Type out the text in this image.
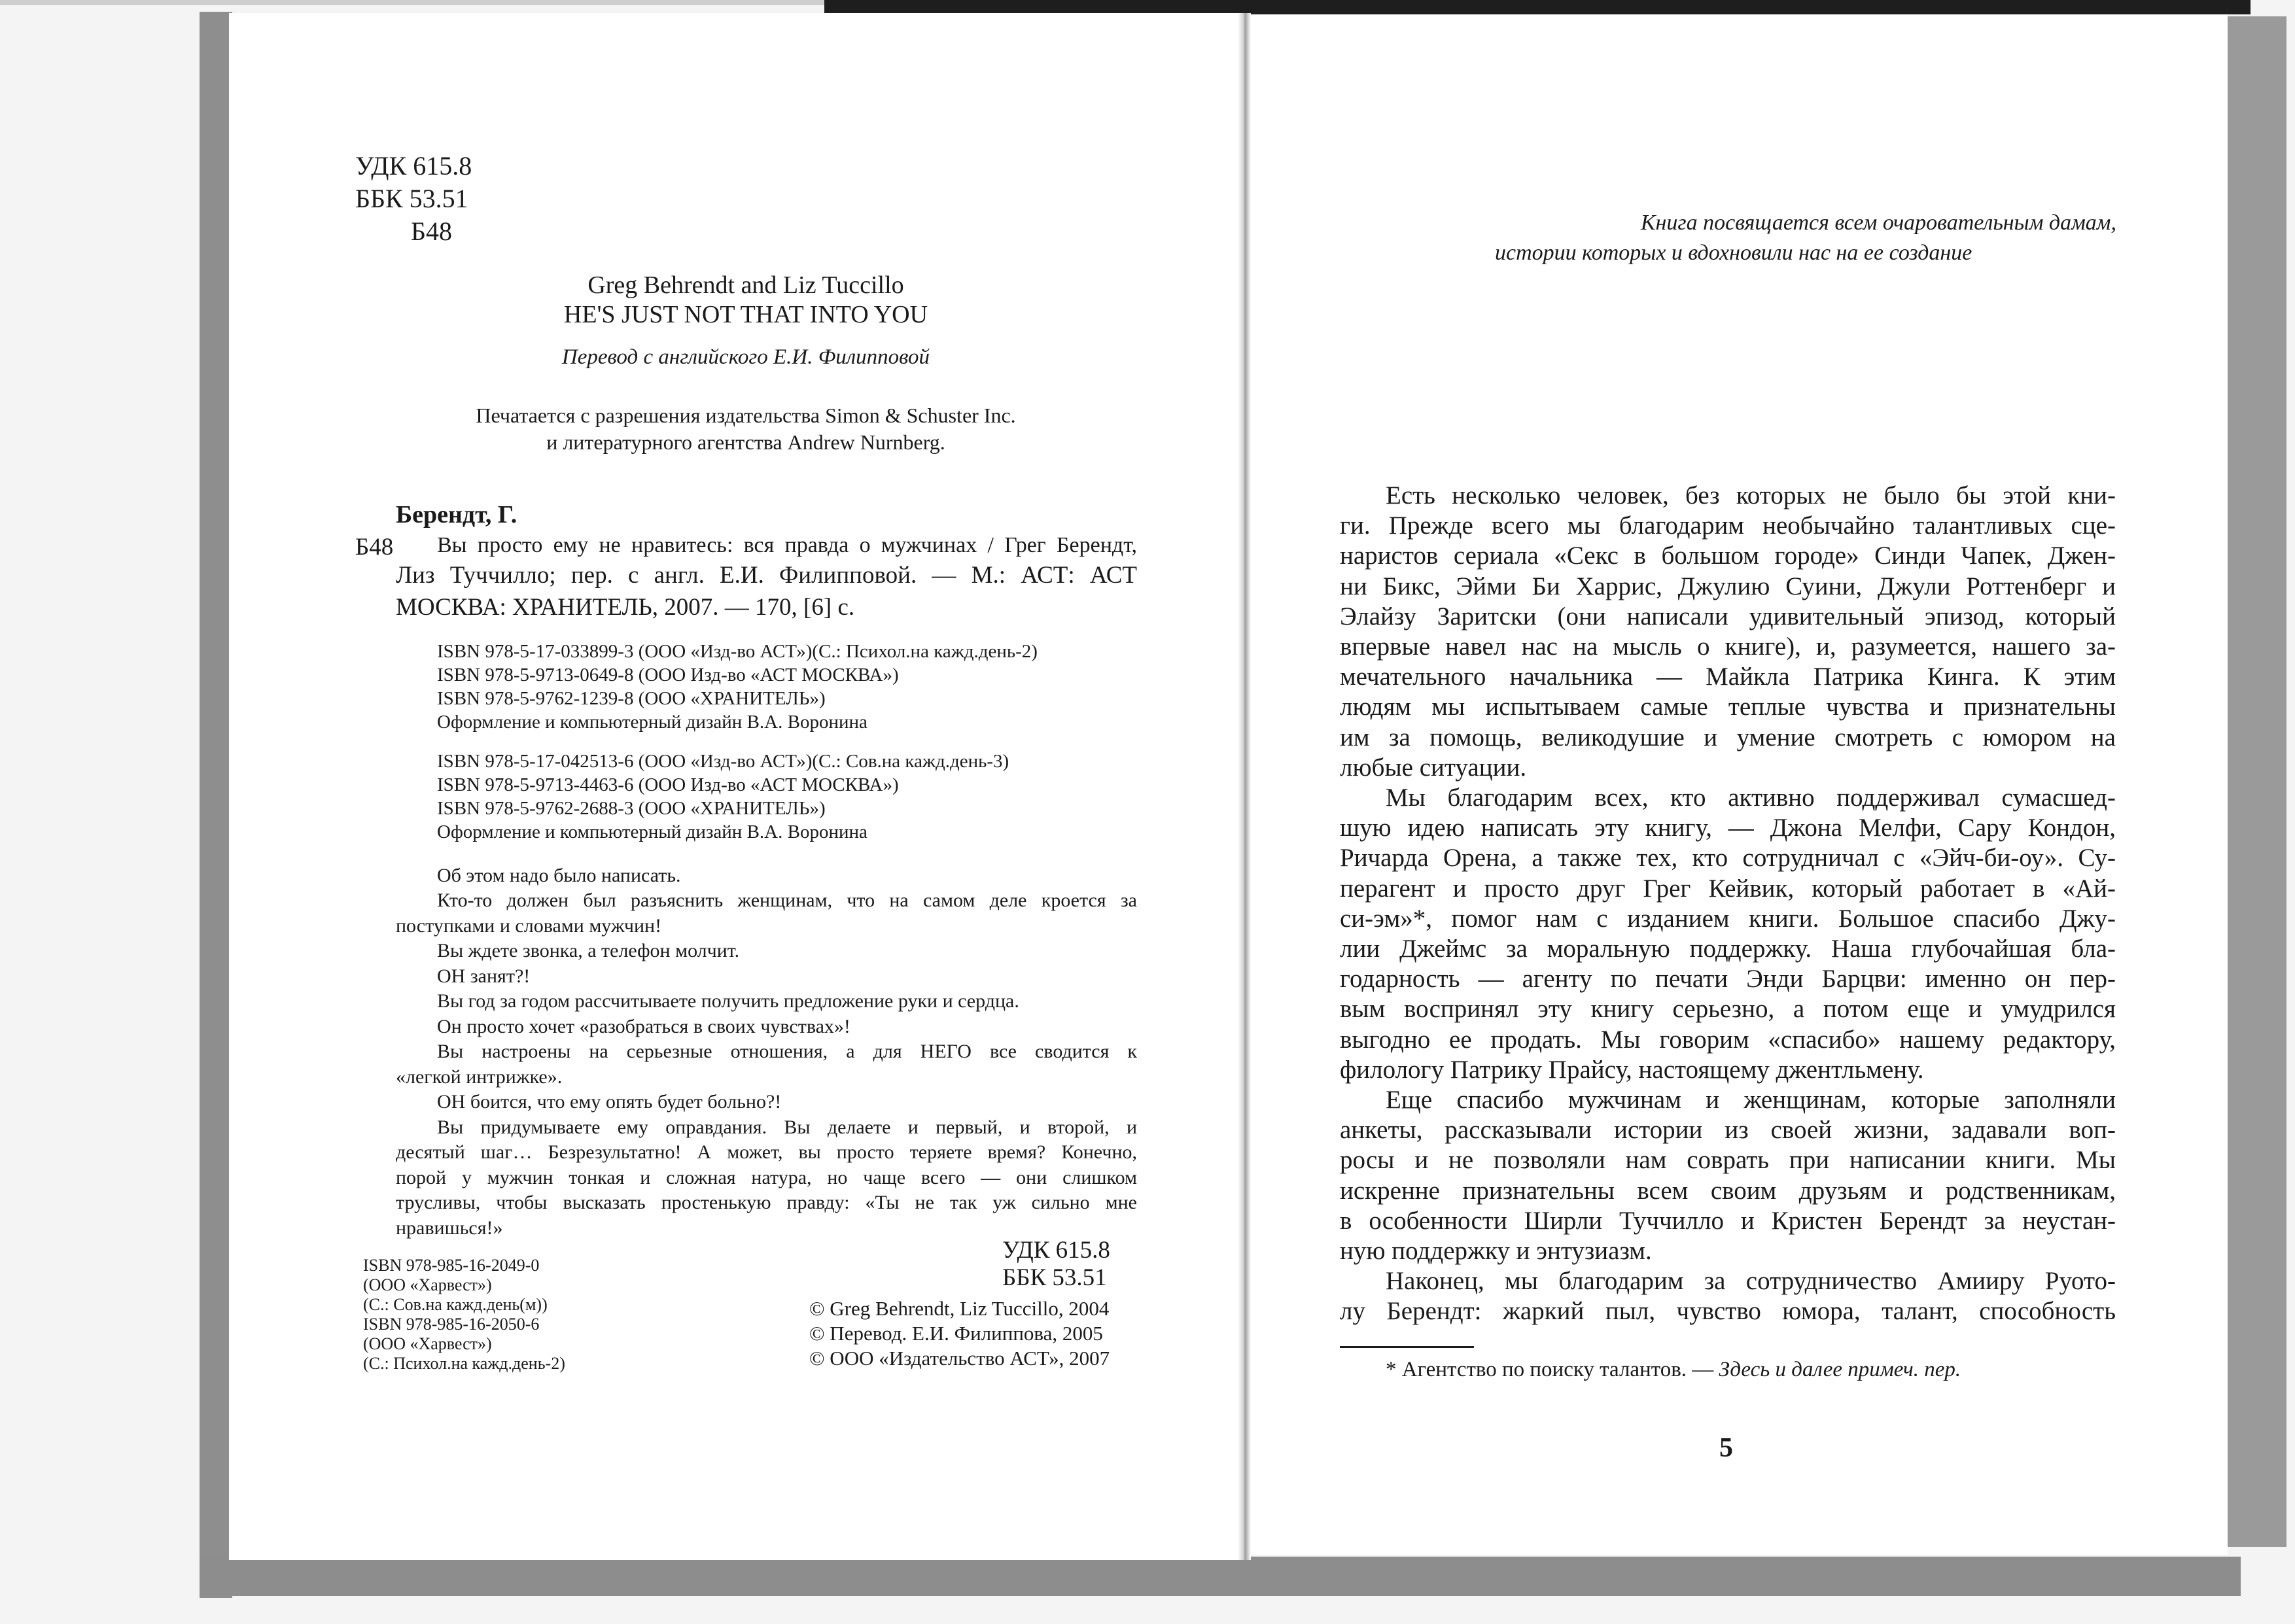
УДК 615.8

ББК 53.51

Б48

Greg Behrendt and Liz Tuccillo

HE'S JUST NOT THAT INTO YOU

Перевод с английского Е.И. Филипповой

Печатается с разрешения издательства Simon & Schuster Inc.

и литературного агентства Andrew Nurnberg.

Берендт, Г.

Б48 Вы просто ему не нравитесь: вся правда о мужчинах / Грег Берендт,

Лиз Туччилло; пер. с англ. Е.И. Филипповой. — М.: АСТ: АСТ

МОСКВА: ХРАНИТЕЛЬ, 2007. — 170, [6] с.

ISBN 978-5-17-033899-3 (ООО «Изд-во АСТ»)(С.: Психол.на кажд.день-2)

ISBN 978-5-9713-0649-8 (ООО Изд-во «АСТ МОСКВА»)

ISBN 978-5-9762-1239-8 (ООО «ХРАНИТЕЛЬ»)

Оформление и компьютерный дизайн В.А. Воронина

ISBN 978-5-17-042513-6 (ООО «Изд-во АСТ»)(С.: Сов.на кажд.день-3)

ISBN 978-5-9713-4463-6 (ООО Изд-во «АСТ МОСКВА»)

ISBN 978-5-9762-2688-3 (ООО «ХРАНИТЕЛЬ»)

Оформление и компьютерный дизайн В.А. Воронина

Об этом надо было написать.

Кто-то должен был разъяснить женщинам, что на самом деле кроется за

поступками и словами мужчин!

Вы ждете звонка, а телефон молчит.

ОН занят?!

Вы год за годом рассчитываете получить предложение руки и сердца.

Он просто хочет «разобраться в своих чувствах»!

Вы настроены на серьезные отношения, а для НЕГО все сводится к

«легкой интрижке».

ОН боится, что ему опять будет больно?!

Вы придумываете ему оправдания. Вы делаете и первый, и второй, и

десятый шаг… Безрезультатно! А может, вы просто теряете время? Конечно,

порой у мужчин тонкая и сложная натура, но чаще всего — они слишком

трусливы, чтобы высказать простенькую правду: «Ты не так уж сильно мне

нравишься!»

ISBN 978-985-16-2049-0

(ООО «Харвест»)

(С.: Сов.на кажд.день(м))

ISBN 978-985-16-2050-6

(ООО «Харвест»)

(С.: Психол.на кажд.день-2)

УДК 615.8

ББК 53.51

© Greg Behrendt, Liz Tuccillo, 2004

© Перевод. Е.И. Филиппова, 2005

© ООО «Издательство АСТ», 2007

Книга посвящается всем очаровательным дамам,

истории которых и вдохновили нас на ее создание

Есть несколько человек, без которых не было бы этой кни-

ги. Прежде всего мы благодарим необычайно талантливых сце-

наристов сериала «Секс в большом городе» Синди Чапек, Джен-

ни Бикс, Эйми Би Харрис, Джулию Суини, Джули Роттенберг и

Элайзу Заритски (они написали удивительный эпизод, который

впервые навел нас на мысль о книге), и, разумеется, нашего за-

мечательного начальника — Майкла Патрика Кинга. К этим

людям мы испытываем самые теплые чувства и признательны

им за помощь, великодушие и умение смотреть с юмором на

любые ситуации.

Мы благодарим всех, кто активно поддерживал сумасшед-

шую идею написать эту книгу, — Джона Мелфи, Сару Кондон,

Ричарда Орена, а также тех, кто сотрудничал с «Эйч-би-оу». Су-

перагент и просто друг Грег Кейвик, который работает в «Ай-

си-эм»*, помог нам с изданием книги. Большое спасибо Джу-

лии Джеймс за моральную поддержку. Наша глубочайшая бла-

годарность — агенту по печати Энди Барцви: именно он пер-

вым воспринял эту книгу серьезно, а потом еще и умудрился

выгодно ее продать. Мы говорим «спасибо» нашему редактору,

филологу Патрику Прайсу, настоящему джентльмену.

Еще спасибо мужчинам и женщинам, которые заполняли

анкеты, рассказывали истории из своей жизни, задавали воп-

росы и не позволяли нам соврать при написании книги. Мы

искренне признательны всем своим друзьям и родственникам,

в особенности Ширли Туччилло и Кристен Берендт за неустан-

ную поддержку и энтузиазм.

Наконец, мы благодарим за сотрудничество Амииру Руото-

лу Берендт: жаркий пыл, чувство юмора, талант, способность

* Агентство по поиску талантов. — Здесь и далее примеч. пер.

5
